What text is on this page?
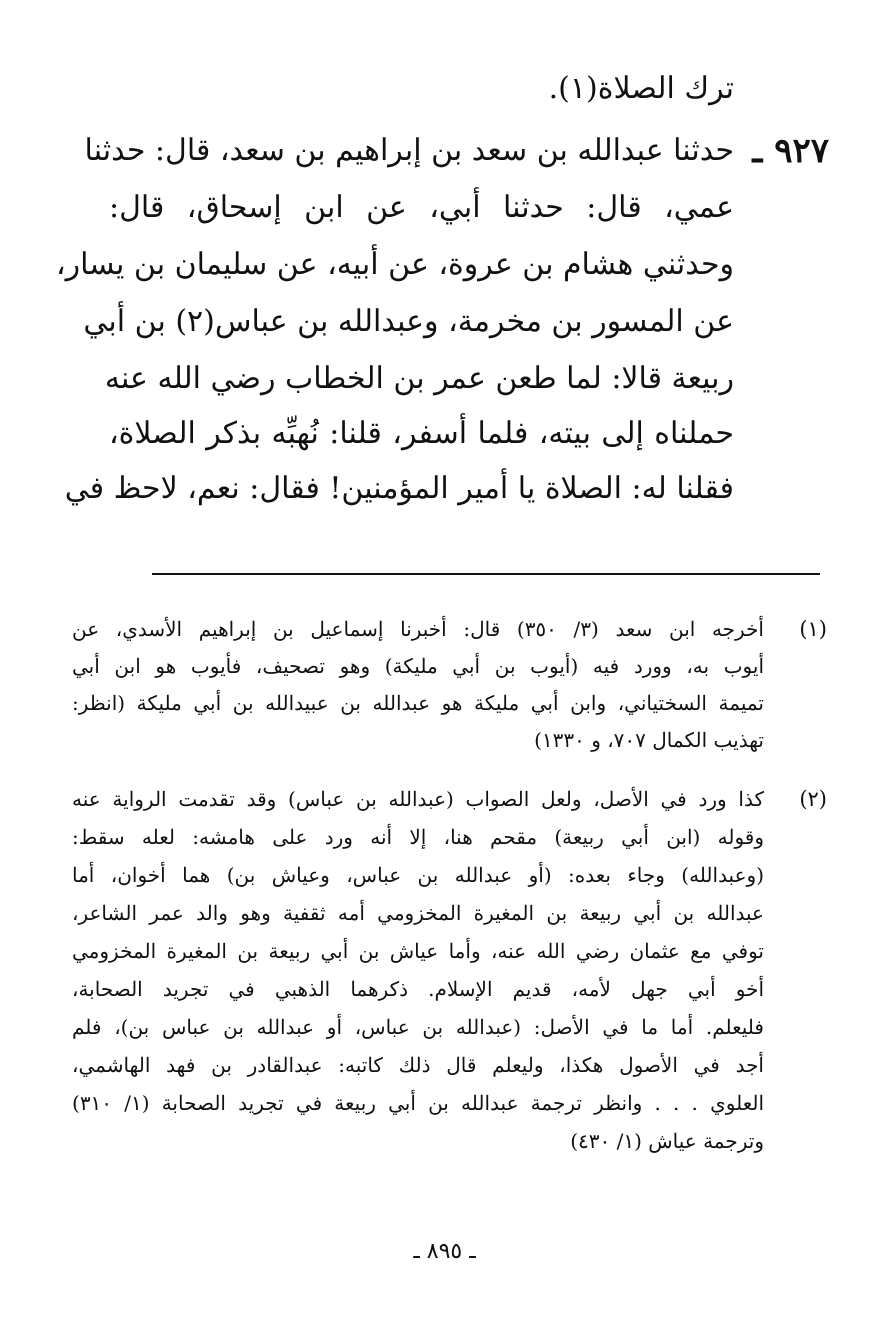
ترك الصلاة(١).
٩٢٧ ـ
حدثنا عبدالله بن سعد بن إبراهيم بن سعد، قال: حدثنا
عمي، قال: حدثنا أبي، عن ابن إسحاق، قال:
وحدثني هشام بن عروة، عن أبيه، عن سليمان بن يسار،
عن المسور بن مخرمة، وعبدالله بن عباس(٢) بن أبي
ربيعة قالا: لما طعن عمر بن الخطاب رضي الله عنه
حملناه إلى بيته، فلما أسفر، قلنا: نُهبِّه بذكر الصلاة،
فقلنا له: الصلاة يا أمير المؤمنين! فقال: نعم، لاحظ في
(١)
أخرجه ابن سعد (٣/ ٣٥٠) قال: أخبرنا إسماعيل بن إبراهيم الأسدي، عن
أيوب به، وورد فيه (أيوب بن أبي مليكة) وهو تصحيف، فأيوب هو ابن أبي
تميمة السختياني، وابن أبي مليكة هو عبدالله بن عبيدالله بن أبي مليكة (انظر:
تهذيب الكمال ٧٠٧، و ١٣٣٠)
(٢)
كذا ورد في الأصل، ولعل الصواب (عبدالله بن عباس) وقد تقدمت الرواية عنه
وقوله (ابن أبي ربيعة) مقحم هنا، إلا أنه ورد على هامشه: لعله سقط:
(وعبدالله) وجاء بعده: (أو عبدالله بن عباس، وعياش بن) هما أخوان، أما
عبدالله بن أبي ربيعة بن المغيرة المخزومي أمه ثقفية وهو والد عمر الشاعر،
توفي مع عثمان رضي الله عنه، وأما عياش بن أبي ربيعة بن المغيرة المخزومي
أخو أبي جهل لأمه، قديم الإسلام. ذكرهما الذهبي في تجريد الصحابة،
فليعلم. أما ما في الأصل: (عبدالله بن عباس، أو عبدالله بن عباس بن)، فلم
أجد في الأصول هكذا، وليعلم قال ذلك كاتبه: عبدالقادر بن فهد الهاشمي،
العلوي . . . وانظر ترجمة عبدالله بن أبي ربيعة في تجريد الصحابة (١/ ٣١٠)
وترجمة عياش (١/ ٤٣٠)
ـ ٨٩٥ ـ
